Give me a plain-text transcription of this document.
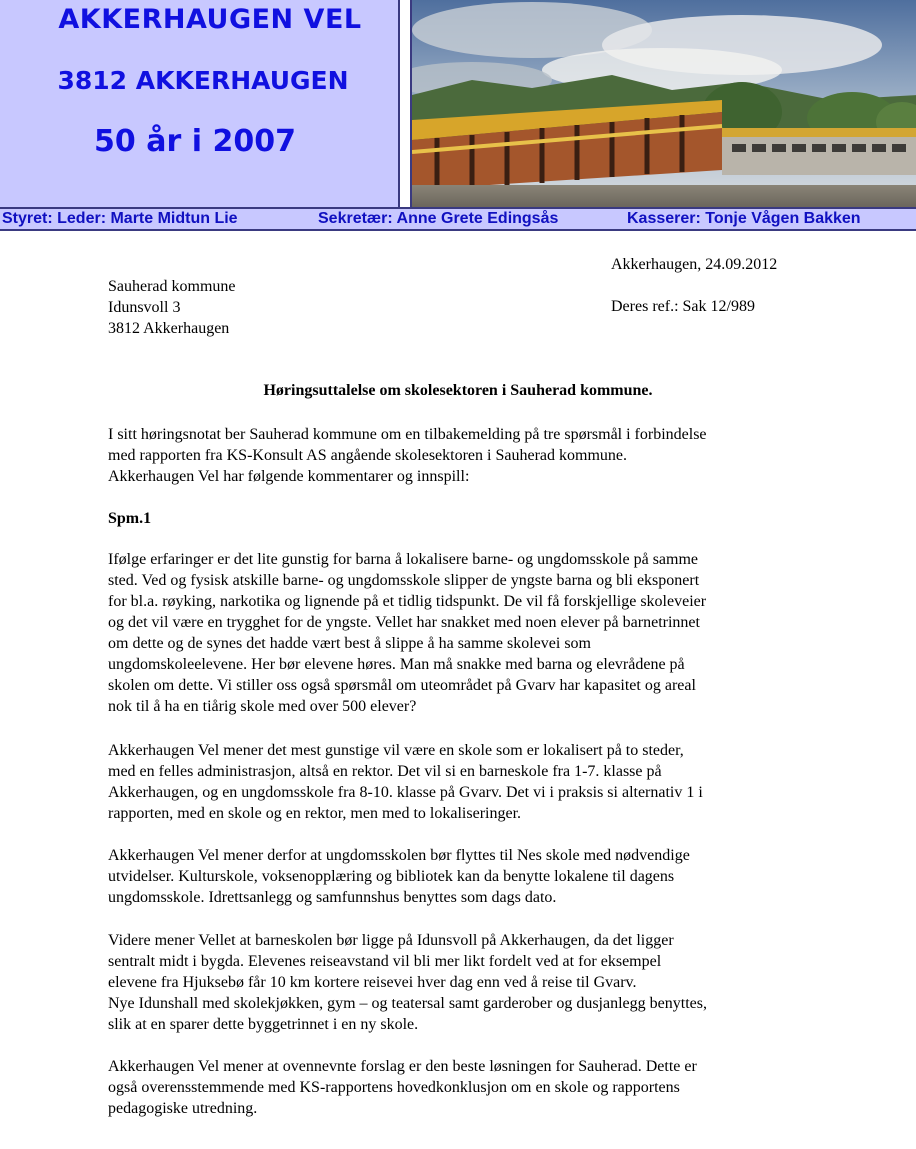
AKKERHAUGEN VEL
3812 AKKERHAUGEN
50 år i 2007
Styret: Leder: Marte Midtun Lie	Sekretær: Anne Grete Edingsås	Kasserer: Tonje Vågen Bakken
Akkerhaugen, 24.09.2012
Deres ref.: Sak 12/989
Sauherad kommune
Idunsvoll 3
3812 Akkerhaugen
Høringsuttalelse om skolesektoren i Sauherad kommune.
I sitt høringsnotat ber Sauherad kommune om en tilbakemelding på tre spørsmål i forbindelse
med rapporten fra KS-Konsult AS angående skolesektoren i Sauherad kommune.
Akkerhaugen Vel har følgende kommentarer og innspill:
Spm.1
Ifølge erfaringer er det lite gunstig for barna å lokalisere barne- og ungdomsskole på samme
sted. Ved og fysisk atskille barne- og ungdomsskole slipper de yngste barna og bli eksponert
for bl.a. røyking, narkotika og lignende på et tidlig tidspunkt. De vil få forskjellige skoleveier
og det vil være en trygghet for de yngste. Vellet har snakket med noen elever på barnetrinnet
om dette og de synes det hadde vært best å slippe å ha samme skolevei som
ungdomskoleelevene. Her bør elevene høres. Man må snakke med barna og elevrådene på
skolen om dette. Vi stiller oss også spørsmål om uteområdet på Gvarv har kapasitet og areal
nok til å ha en tiårig skole med over 500 elever?
Akkerhaugen Vel mener det mest gunstige vil være en skole som er lokalisert på to steder,
med en felles administrasjon, altså en rektor. Det vil si en barneskole fra 1-7. klasse på
Akkerhaugen, og en ungdomsskole fra 8-10. klasse på Gvarv. Det vi i praksis si alternativ 1 i
rapporten, med en skole og en rektor, men med to lokaliseringer.
Akkerhaugen Vel mener derfor at ungdomsskolen bør flyttes til Nes skole med nødvendige
utvidelser. Kulturskole, voksenopplæring og bibliotek kan da benytte lokalene til dagens
ungdomsskole. Idrettsanlegg og samfunnshus benyttes som dags dato.
Videre mener Vellet at barneskolen bør ligge på Idunsvoll på Akkerhaugen, da det ligger
sentralt midt i bygda. Elevenes reiseavstand vil bli mer likt fordelt ved at for eksempel
elevene fra Hjuksebø får 10 km kortere reisevei hver dag enn ved å reise til Gvarv.
Nye Idunshall med skolekjøkken, gym – og teatersal samt garderober og dusjanlegg benyttes,
slik at en sparer dette byggetrinnet i en ny skole.
Akkerhaugen Vel mener at ovennevnte forslag er den beste løsningen for Sauherad. Dette er
også overensstemmende med KS-rapportens hovedkonklusjon om en skole og rapportens
pedagogiske utredning.
